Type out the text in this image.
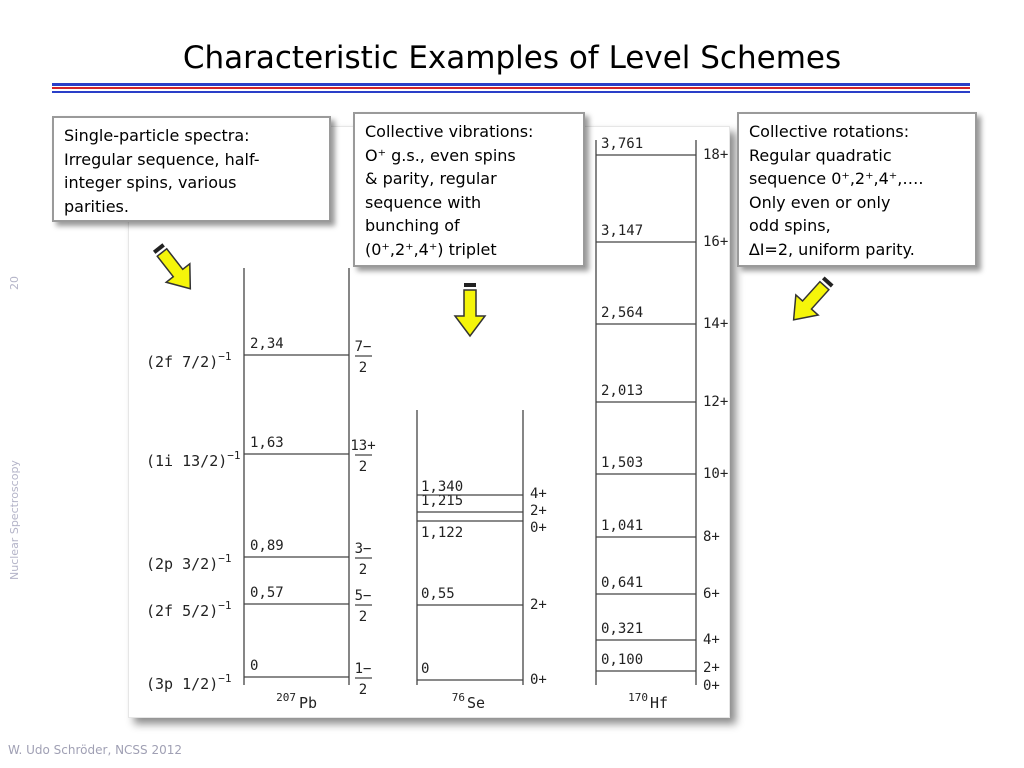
Characteristic Examples of Level Schemes
20
Nuclear Spectroscopy
0
(3p 1/2)$^{-1}$
1−
2
0,57
(2f 5/2)$^{-1}$
5−
2
0,89
(2p 3/2)$^{-1}$
3−
2
1,63
(1i 13/2)$^{-1}$
13+
2
2,34
(2f 7/2)$^{-1}$
7−
2
207 Pb
0
0+
0,55
2+
1,122	0+
1,215
2+
1,340	4+
76 Se
0+
0,100	2+
0,321
4+
0,641
6+
1,041
8+
1,503
10+
2,013
12+
2,564
14+
3,147
16+
3,761
18+
170 Hf
Single-particle spectra:
Irregular sequence, half-
integer spins, various
parities.
Collective vibrations:
O⁺ g.s., even spins
& parity, regular
sequence with
bunching of
(0⁺,2⁺,4⁺) triplet
Collective rotations:
Regular quadratic
sequence 0⁺,2⁺,4⁺,….
Only even or only
odd spins,
∆I=2, uniform parity.
W. Udo Schröder, NCSS 2012
